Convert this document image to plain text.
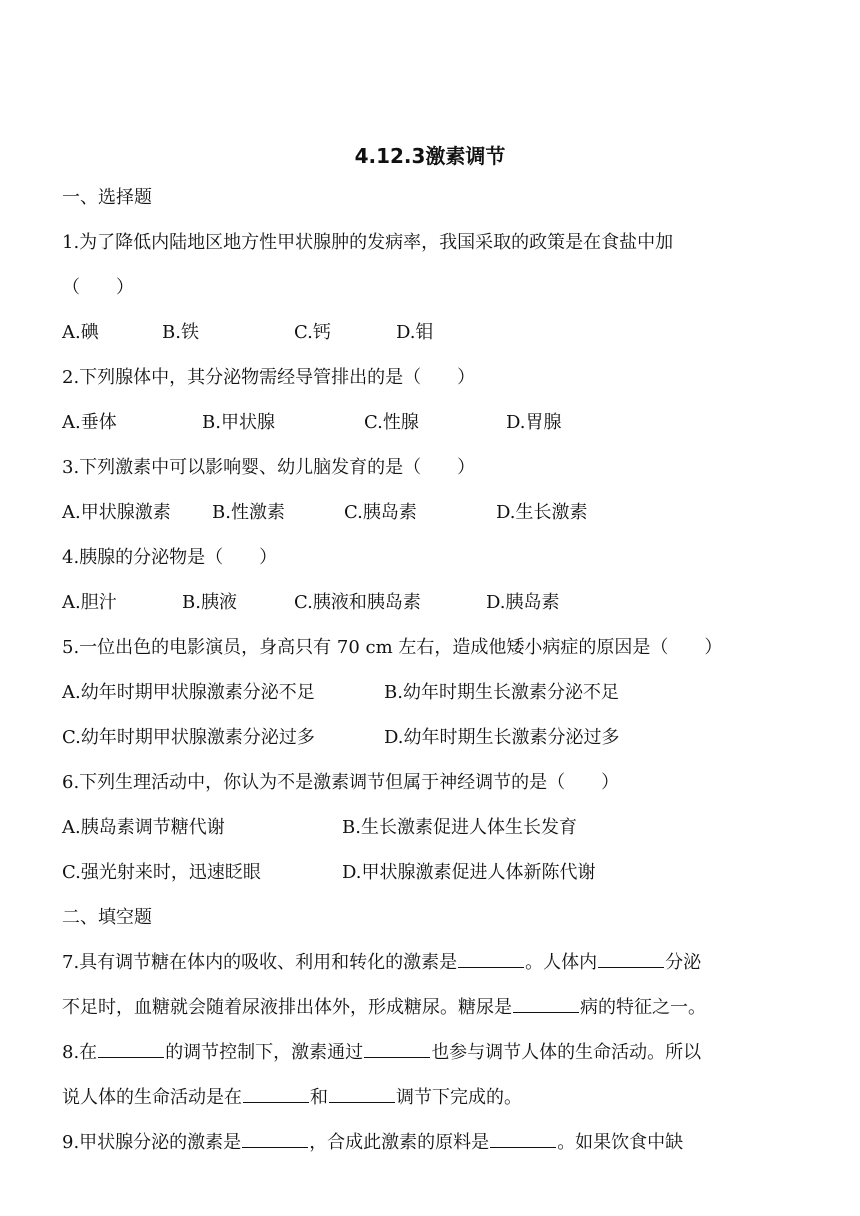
4.12.3激素调节
一、选择题
1.为了降低内陆地区地方性甲状腺肿的发病率，我国采取的政策是在食盐中加
（　　）
A.碘	B.铁	C.钙	D.钼
2.下列腺体中，其分泌物需经导管排出的是（　　）
A.垂体	B.甲状腺	C.性腺	D.胃腺
3.下列激素中可以影响婴、幼儿脑发育的是（　　）
A.甲状腺激素 B.性激素	C.胰岛素	D.生长激素
4.胰腺的分泌物是（　　）
A.胆汁	B.胰液	C.胰液和胰岛素	D.胰岛素
5.一位出色的电影演员，身高只有 70 cm 左右，造成他矮小病症的原因是（　　）
A.幼年时期甲状腺激素分泌不足	B.幼年时期生长激素分泌不足
C.幼年时期甲状腺激素分泌过多	D.幼年时期生长激素分泌过多
6.下列生理活动中，你认为不是激素调节但属于神经调节的是（　　）
A.胰岛素调节糖代谢	B.生长激素促进人体生长发育
C.强光射来时，迅速眨眼	D.甲状腺激素促进人体新陈代谢
二、填空题
7.具有调节糖在体内的吸收、利用和转化的激素是	。人体内	分泌
不足时，血糖就会随着尿液排出体外，形成糖尿。糖尿是	病的特征之一。
8.在	的调节控制下，激素通过	也参与调节人体的生命活动。所以
说人体的生命活动是在	和	调节下完成的。
9.甲状腺分泌的激素是	，合成此激素的原料是	。如果饮食中缺
